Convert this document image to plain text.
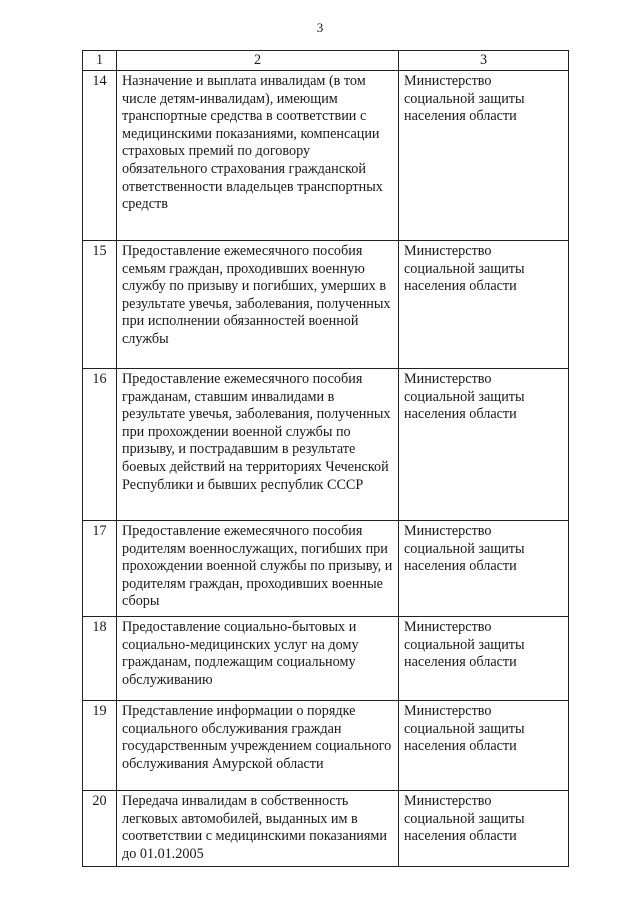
3
1	2	3
14	Назначение и выплата инвалидам (в том числе детям-инвалидам), имеющим транспортные средства в соответствии с медицинскими показаниями, компенсации страховых премий по договору обязательного страхования гражданской ответственности владельцев транспортных средств	Министерство социальной защиты населения области
15	Предоставление ежемесячного пособия семьям граждан, проходивших военную службу по призыву и погибших, умерших в результате увечья, заболевания, полученных при исполнении обязанностей военной службы	Министерство социальной защиты населения области
16	Предоставление ежемесячного пособия гражданам, ставшим инвалидами в результате увечья, заболевания, полученных при прохождении военной службы по призыву, и пострадавшим в результате боевых действий на территориях Чеченской Республики и бывших республик СССР	Министерство социальной защиты населения области
17	Предоставление ежемесячного пособия родителям военнослужащих, погибших при прохождении военной службы по призыву, и родителям граждан, проходивших военные сборы	Министерство социальной защиты населения области
18	Предоставление социально-бытовых и социально-медицинских услуг на дому гражданам, подлежащим социальному обслуживанию	Министерство социальной защиты населения области
19	Представление информации о порядке социального обслуживания граждан государственным учреждением социального обслуживания Амурской области	Министерство социальной защиты населения области
20	Передача инвалидам в собственность легковых автомобилей, выданных им в соответствии с медицинскими показаниями до 01.01.2005	Министерство социальной защиты населения области
